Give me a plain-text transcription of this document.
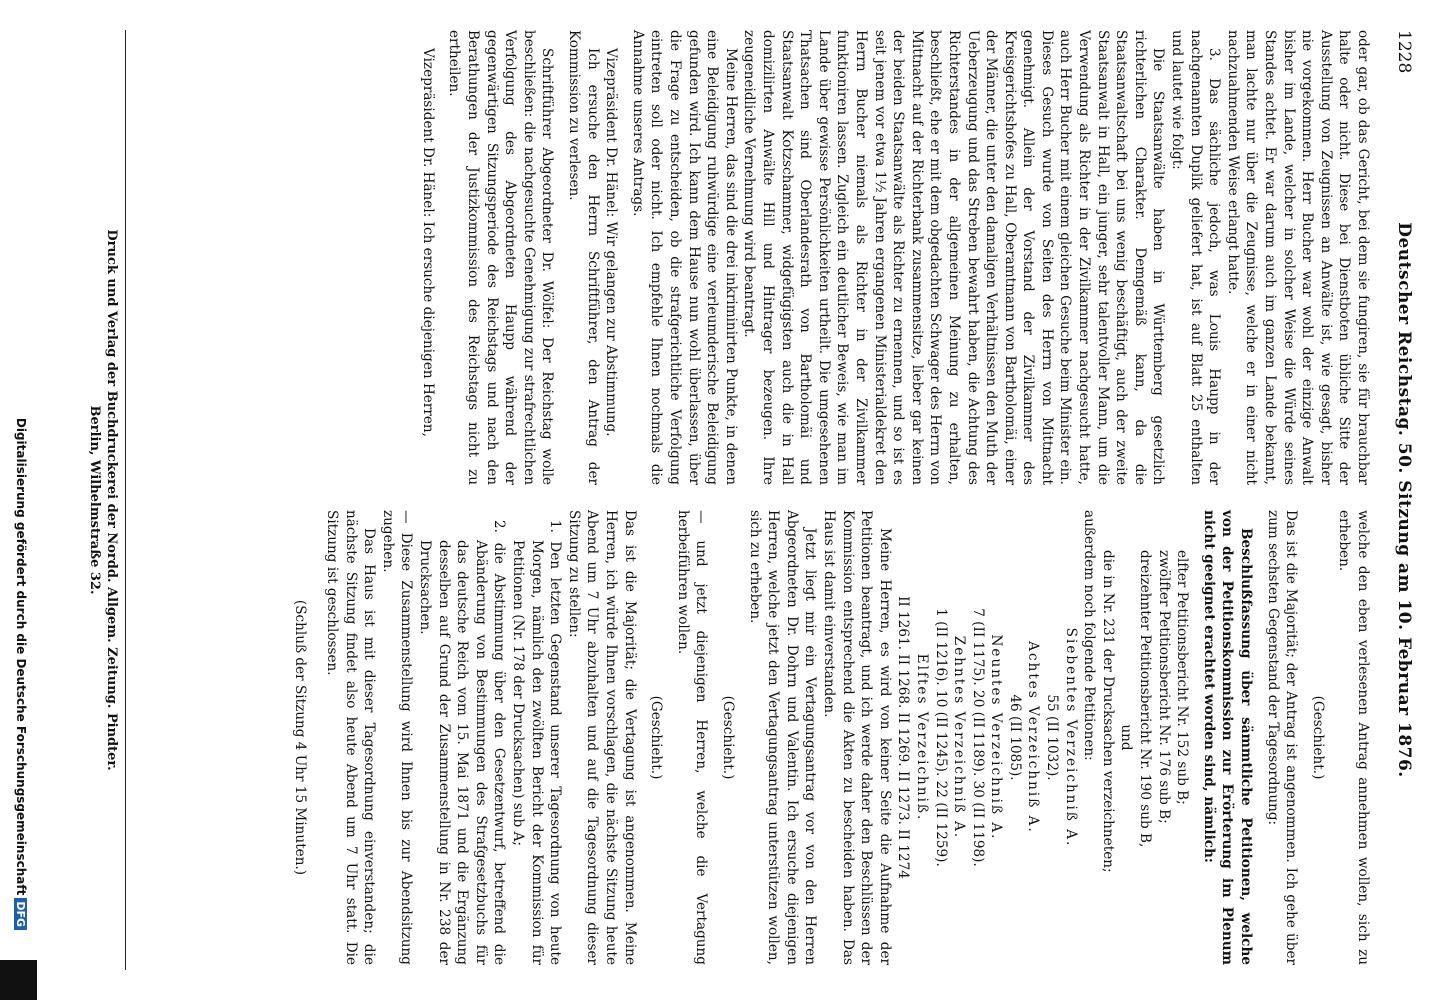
1228
Deutscher Reichstag. 50. Sitzung am 10. Februar 1876.

oder gar, ob das Gericht, bei dem sie fungiren, sie für brauchbar halte oder nicht. Diese bei Dienstboten übliche Sitte der Ausstellung von Zeugnissen an Anwälte ist, wie gesagt, bisher nie vorgekommen. Herr Bucher war wohl der einzige Anwalt bisher im Lande, welcher in solcher Weise die Würde seines Standes achtet. Er war darum auch im ganzen Lande bekannt, man lachte nur über die Zeugnisse, welche er in einer nicht nachzuahmenden Weise erlangt hatte.

3. Das sächliche jedoch, was Louis Haupp in der nachgenannten Duplik geliefert hat, ist auf Blatt 25 enthalten und lautet wie folgt:

Die Staatsanwälte haben in Württemberg gesetzlich richterlichen Charakter. Demgemäß kann, da die Staatsanwaltschaft bei uns wenig beschäftigt, auch der zweite Staatsanwalt in Hall, ein junger, sehr talentvoller Mann, um die Verwendung als Richter in der Zivilkammer nachgesucht hatte, auch Herr Bucher mit einem gleichen Gesuche beim Minister ein. Dieses Gesuch wurde von Seiten des Herrn von Mittnacht genehmigt. Allein der Vorstand der Zivilkammer des Kreisgerichtshofes zu Hall, Oberamtmann von Bartholomäi, einer der Männer, die unter den damaligen Verhältnissen den Muth der Ueberzeugung und das Streben bewahrt haben, die Achtung des Richterstandes in der allgemeinen Meinung zu erhalten, beschließt, ehe er mit dem obgedachten Schwager des Herrn von Mittnacht auf der Richterbank zusammensitze, lieber gar keinen der beiden Staatsanwälte als Richter zu ernennen, und so ist es seit jenem vor etwa 1½ Jahren ergangenen Ministerialdekret den Herrn Bucher niemals als Richter in der Zivilkammer funktioniren lassen. Zugleich ein deutlicher Beweis, wie man im Lande über gewisse Persönlichkeiten urtheilt. Die umgesehenen Thatsachen sind Oberlandesrath von Bartholomäi und Staatsanwalt Kotzschammer, widgefügigsten auch die in Hall domizilirten Anwälte Hill und Hintrager bezeugen. Ihre zeugeneidliche Vernehmung wird beantragt.

Meine Herren, das sind die drei inkriminirten Punkte, in denen eine Beleidigung ruhwürdige eine verleumderische Beleidigung gefunden wird. Ich kann dem Hause nun wohl überlassen, über die Frage zu entscheiden, ob die strafgerichtliche Verfolgung eintreten soll oder nicht. Ich empfehle Ihnen nochmals die Annahme unseres Antrags.

Vizepräsident Dr. Hänel: Wir gelangen zur Abstimmung.

Ich ersuche den Herrn Schriftführer, den Antrag der Kommission zu verlesen.

Schriftführer Abgeordneter Dr. Wölfel: Der Reichstag wolle beschließen: die nachgesuchte Genehmigung zur strafrechtlichen Verfolgung des Abgeordneten Haupp während der gegenwärtigen Sitzungsperiode des Reichstags und nach den Berathungen der Justizkommission des Reichstags nicht zu ertheilen.

Vizepräsident Dr. Hänel: Ich ersuche diejenigen Herren,

welche den eben verlesenen Antrag annehmen wollen, sich zu erheben.

(Geschieht.)

Das ist die Majorität; der Antrag ist angenommen. Ich gehe über zum sechsten Gegenstand der Tagesordnung:

Beschlußfassung über sämmtliche Petitionen, welche von der Petitionskommission zur Erörterung im Plenum nicht geeignet erachtet worden sind, nämlich:

elfter Petitionsbericht Nr. 152 sub B;

zwölfter Petitionsbericht Nr. 176 sub B;

dreizehnter Petitionsbericht Nr. 190 sub B,

und

die in Nr. 231 der Drucksachen verzeichneten;

außerdem noch folgende Petitionen:

Siebentes Verzeichniß A.

55 (II 1032).

Achtes Verzeichniß A.

46 (II 1085).

Neuntes Verzeichniß A.

7 (II 1175). 20 (II 1189). 30 (II 1198).

Zehntes Verzeichniß A.

1 (II 1216). 10 (II 1245). 22 (II 1259).

Elftes Verzeichniß.

II 1261. II 1268. II 1269. II 1273. II 1274

Meine Herren, es wird von keiner Seite die Aufnahme der Petitionen beantragt, und ich werde daher den Beschlüssen der Kommission entsprechend die Akten zu bescheiden haben. Das Haus ist damit einverstanden.

Jetzt liegt mir ein Vertagungsantrag vor von den Herren Abgeordneten Dr. Dohrn und Valentin. Ich ersuche diejenigen Herren, welche jetzt den Vertagungsantrag unterstützen wollen, sich zu erheben.

(Geschieht.)

— und jetzt diejenigen Herren, welche die Vertagung herbeiführen wollen.

(Geschieht.)

Das ist die Majorität; die Vertagung ist angenommen. Meine Herren, ich würde Ihnen vorschlagen, die nächste Sitzung heute Abend um 7 Uhr abzuhalten und auf die Tagesordnung dieser Sitzung zu stellen:

1. Den letzten Gegenstand unserer Tagesordnung von heute Morgen, nämlich den zwölften Bericht der Kommission für Petitionen (Nr. 178 der Drucksachen) sub A;

2. die Abstimmung über den Gesetzentwurf, betreffend die Abänderung von Bestimmungen des Strafgesetzbuchs für das deutsche Reich vom 15. Mai 1871 und die Ergänzung desselben auf Grund der Zusammenstellung in Nr. 238 der Drucksachen.

— Diese Zusammenstellung wird Ihnen bis zur Abendsitzung zugehen.

Das Haus ist mit dieser Tagesordnung einverstanden; die nächste Sitzung findet also heute Abend um 7 Uhr statt. Die Sitzung ist geschlossen.

(Schluß der Sitzung 4 Uhr 15 Minuten.)

Druck und Verlag der Buchdruckerei der Nordd. Allgem. Zeitung. Pindter.
Berlin, Wilhelmstraße 32.
Digitalisierung gefördert durch die Deutsche ForschungsgemeinschaftDFG
